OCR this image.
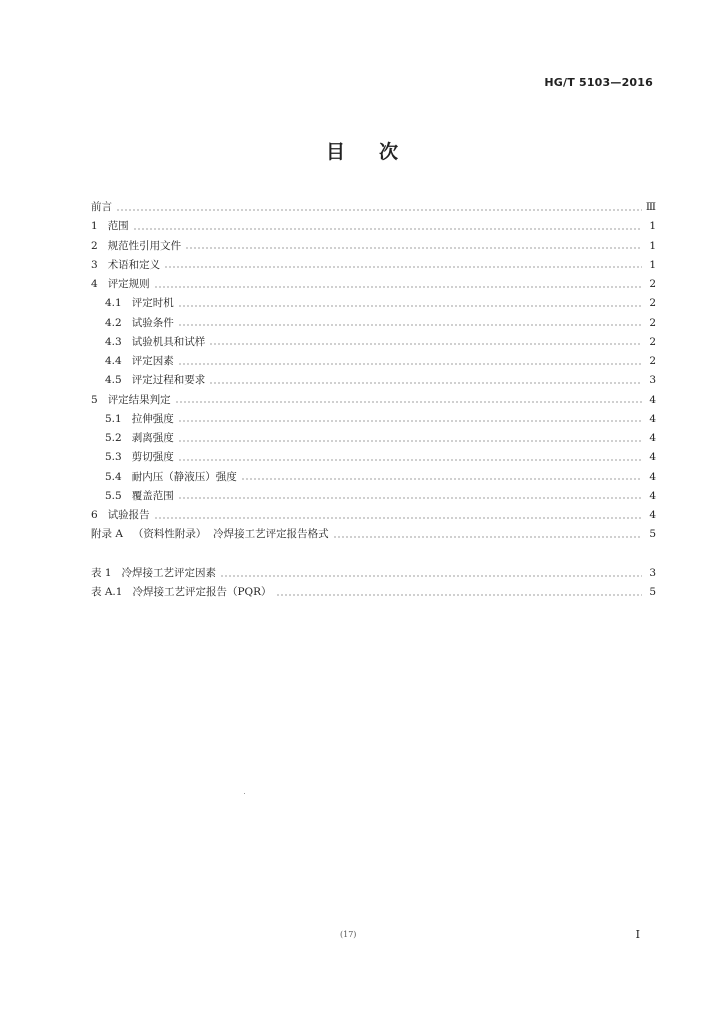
HG/T 5103—2016
目次
前言	Ⅲ
1 范围	1
2 规范性引用文件	1
3 术语和定义	1
4 评定规则	2
4.1 评定时机	2
4.2 试验条件	2
4.3 试验机具和试样	2
4.4 评定因素	2
4.5 评定过程和要求	3
5 评定结果判定	4
5.1 拉伸强度	4
5.2 剥离强度	4
5.3 剪切强度	4
5.4 耐内压（静液压）强度	4
5.5 覆盖范围	4
6 试验报告	4
附录 A （资料性附录）  冷焊接工艺评定报告格式	5
表 1 冷焊接工艺评定因素	3
表 A.1 冷焊接工艺评定报告（PQR）	5
(17)	I
